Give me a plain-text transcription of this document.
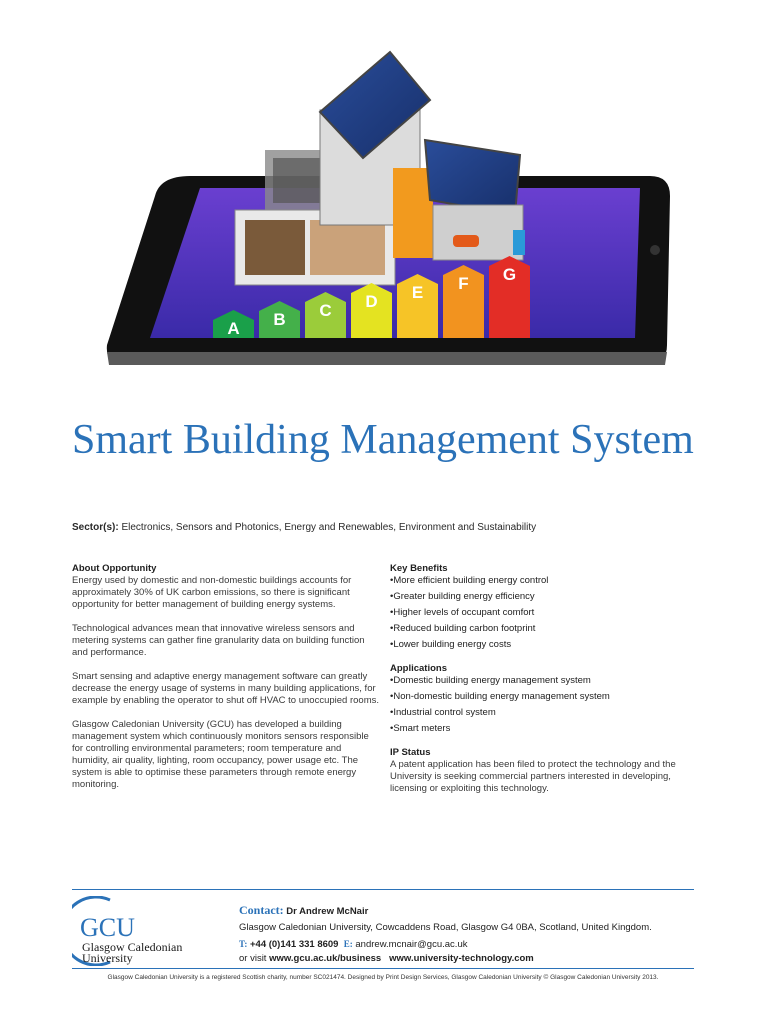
A B C D E F G
Smart Building Management System
Sector(s): Electronics, Sensors and Photonics, Energy and Renewables, Environment and Sustainability
About Opportunity

Energy used by domestic and non-domestic buildings accounts for approximately 30% of UK carbon emissions, so there is significant opportunity for better management of building energy systems.

Technological advances mean that innovative wireless sensors and metering systems can gather fine granularity data on building function and performance.

Smart sensing and adaptive energy management software can greatly decrease the energy usage of systems in many building applications, for example by enabling the operator to shut off HVAC to unoccupied rooms.

Glasgow Caledonian University (GCU) has developed a building management system which continuously monitors sensors responsible for controlling environmental parameters; room temperature and humidity, air quality, lighting, room occupancy, power usage etc. The system is able to optimise these parameters through remote energy monitoring.

Key Benefits
• More efficient building energy control
• Greater building energy efficiency
• Higher levels of occupant comfort
• Reduced building carbon footprint
• Lower building energy costs
Applications
• Domestic building energy management system
• Non-domestic building energy management system
• Industrial control system
• Smart meters
IP Status

A patent application has been filed to protect the technology and the University is seeking commercial partners interested in developing, licensing or exploiting this technology.

GCU
Glasgow Caledonian
University
Contact: Dr Andrew McNair
Glasgow Caledonian University, Cowcaddens Road, Glasgow G4 0BA, Scotland, United Kingdom.
T: +44 (0)141 331 8609 E: andrew.mcnair@gcu.ac.uk
or visit www.gcu.ac.uk/business www.university-technology.com
Glasgow Caledonian University is a registered Scottish charity, number SC021474. Designed by Print Design Services, Glasgow Caledonian University © Glasgow Caledonian University 2013.
